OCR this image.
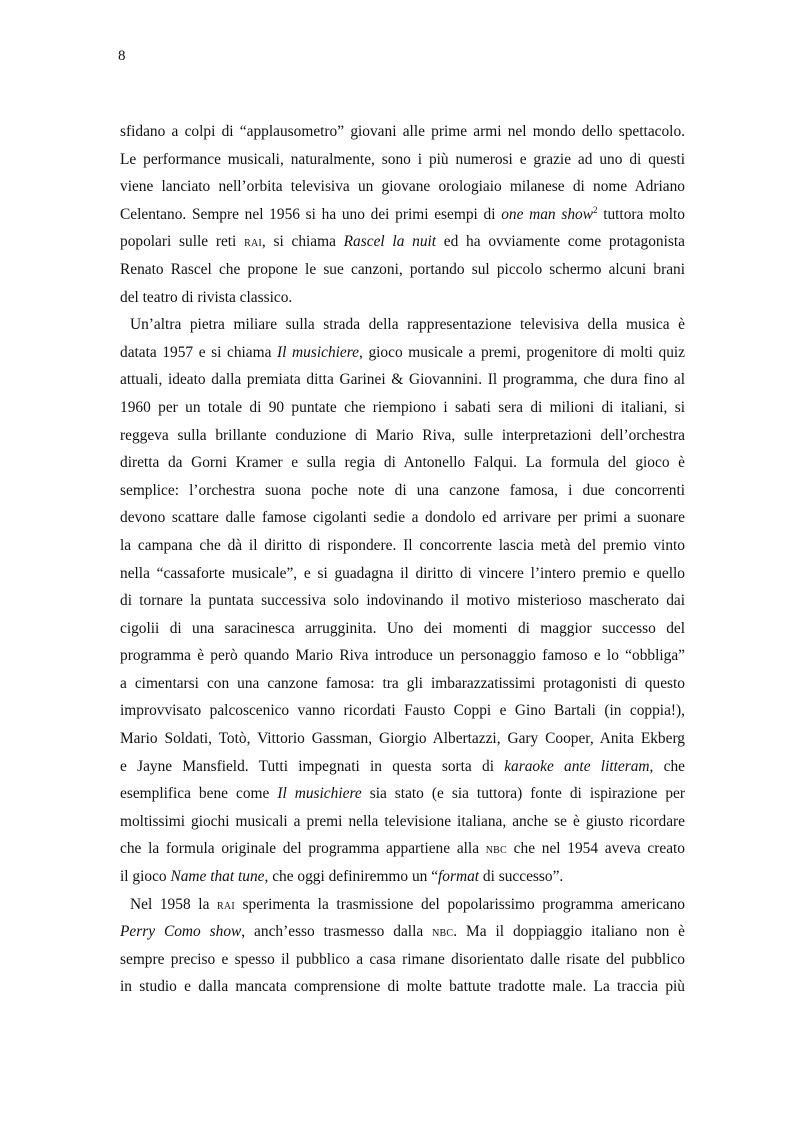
8
sfidano a colpi di “applausometro” giovani alle prime armi nel mondo dello spettacolo.
Le performance musicali, naturalmente, sono i più numerosi e grazie ad uno di questi
viene lanciato nell’orbita televisiva un giovane orologiaio milanese di nome Adriano
Celentano. Sempre nel 1956 si ha uno dei primi esempi di one man show$^2$ tuttora molto
popolari sulle reti rai, si chiama Rascel la nuit ed ha ovviamente come protagonista
Renato Rascel che propone le sue canzoni, portando sul piccolo schermo alcuni brani
del teatro di rivista classico.
Un’altra pietra miliare sulla strada della rappresentazione televisiva della musica è
datata 1957 e si chiama Il musichiere, gioco musicale a premi, progenitore di molti quiz
attuali, ideato dalla premiata ditta Garinei & Giovannini. Il programma, che dura fino al
1960 per un totale di 90 puntate che riempiono i sabati sera di milioni di italiani, si
reggeva sulla brillante conduzione di Mario Riva, sulle interpretazioni dell’orchestra
diretta da Gorni Kramer e sulla regia di Antonello Falqui. La formula del gioco è
semplice: l’orchestra suona poche note di una canzone famosa, i due concorrenti
devono scattare dalle famose cigolanti sedie a dondolo ed arrivare per primi a suonare
la campana che dà il diritto di rispondere. Il concorrente lascia metà del premio vinto
nella “cassaforte musicale”, e si guadagna il diritto di vincere l’intero premio e quello
di tornare la puntata successiva solo indovinando il motivo misterioso mascherato dai
cigolii di una saracinesca arrugginita. Uno dei momenti di maggior successo del
programma è però quando Mario Riva introduce un personaggio famoso e lo “obbliga”
a cimentarsi con una canzone famosa: tra gli imbarazzatissimi protagonisti di questo
improvvisato palcoscenico vanno ricordati Fausto Coppi e Gino Bartali (in coppia!),
Mario Soldati, Totò, Vittorio Gassman, Giorgio Albertazzi, Gary Cooper, Anita Ekberg
e Jayne Mansfield. Tutti impegnati in questa sorta di karaoke ante litteram, che
esemplifica bene come Il musichiere sia stato (e sia tuttora) fonte di ispirazione per
moltissimi giochi musicali a premi nella televisione italiana, anche se è giusto ricordare
che la formula originale del programma appartiene alla nbc che nel 1954 aveva creato
il gioco Name that tune, che oggi definiremmo un “format di successo”.
Nel 1958 la rai sperimenta la trasmissione del popolarissimo programma americano
Perry Como show, anch’esso trasmesso dalla nbc. Ma il doppiaggio italiano non è
sempre preciso e spesso il pubblico a casa rimane disorientato dalle risate del pubblico
in studio e dalla mancata comprensione di molte battute tradotte male. La traccia più
